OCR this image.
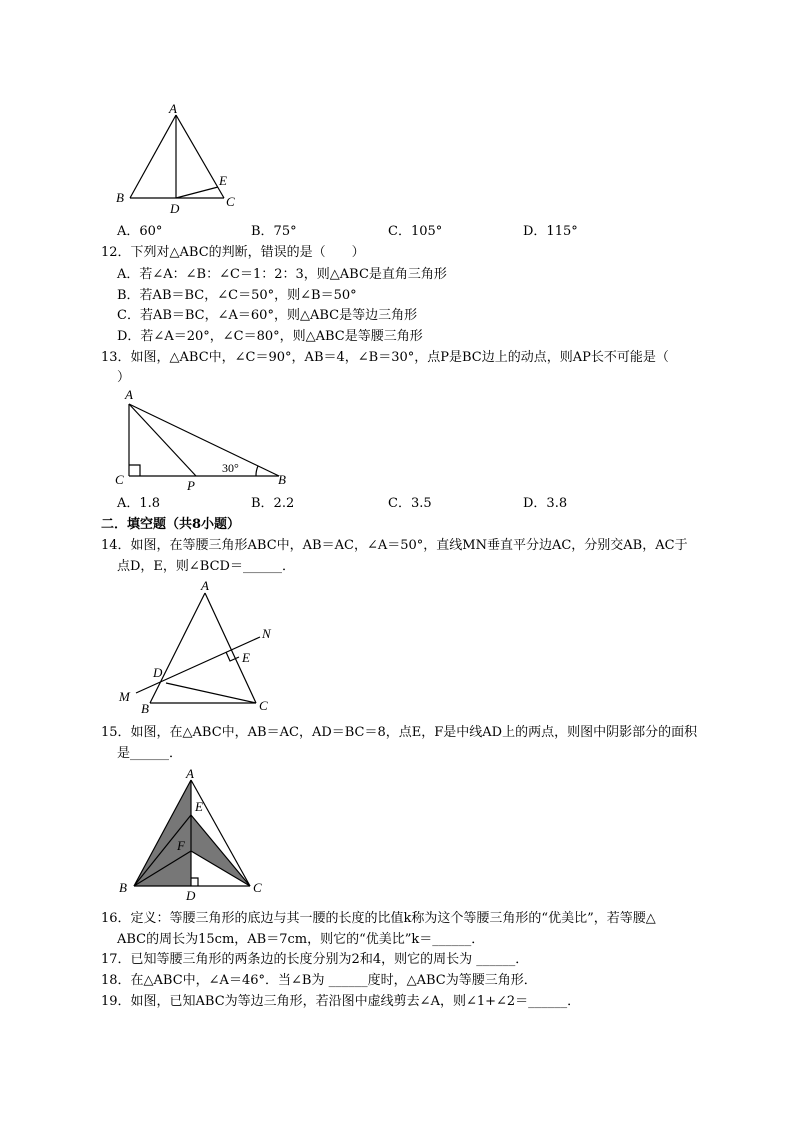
A
B	C
D
E
A．60°	B．75°	C．105°	D．115°
12．下列对△ABC的判断，错误的是（　　）
A．若∠A：∠B：∠C＝1：2：3，则△ABC是直角三角形
B．若AB＝BC，∠C＝50°，则∠B＝50°
C．若AB＝BC，∠A＝60°，则△ABC是等边三角形
D．若∠A＝20°，∠C＝80°，则△ABC是等腰三角形
13．如图，△ABC中，∠C＝90°，AB＝4，∠B＝30°，点P是BC边上的动点，则AP长不可能是（
）
A
C	P	B
30°
A．1.8	B．2.2	C．3.5	D．3.8
二．填空题（共8小题）
14．如图，在等腰三角形ABC中，AB＝AC，∠A＝50°，直线MN垂直平分边AC，分别交AB，AC于
点D，E，则∠BCD＝______．
A
N
E
D
M
B	C
15．如图，在△ABC中，AB＝AC，AD＝BC＝8，点E，F是中线AD上的两点，则图中阴影部分的面积
是______．
A
E
F
B
D
C
16．定义：等腰三角形的底边与其一腰的长度的比值k称为这个等腰三角形的“优美比”，若等腰△
ABC的周长为15cm，AB＝7cm，则它的“优美比”k＝______．
17．已知等腰三角形的两条边的长度分别为2和4，则它的周长为 ______．
18．在△ABC中，∠A＝46°．当∠B为 ______度时，△ABC为等腰三角形．
19．如图，已知ABC为等边三角形，若沿图中虚线剪去∠A，则∠1+∠2＝______．
